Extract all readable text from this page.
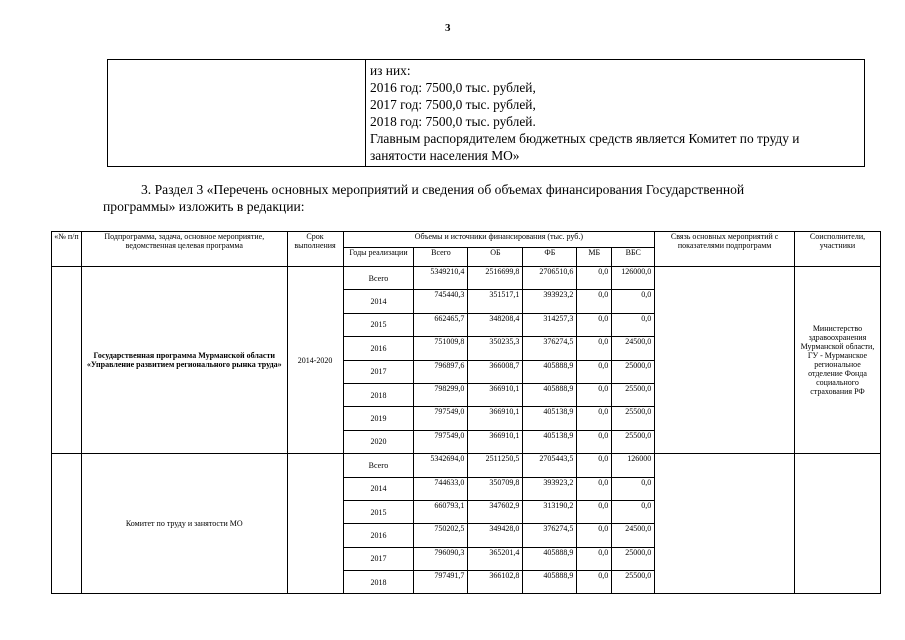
3

из них:
2016 год: 7500,0 тыс. рублей,
2017 год: 7500,0 тыс. рублей,
2018 год: 7500,0 тыс. рублей.
Главным распорядителем бюджетных средств является Комитет по труду и
занятости населения МО»
3. Раздел 3 «Перечень основных мероприятий и сведения об объемах финансирования Государственной
программы» изложить в редакции:
«№ п/п	Подпрограмма, задача, основное мероприятие, ведомственная целевая программа	Срок выполнения	Объемы и источники финансирования (тыс. руб.)						Связь основных мероприятий с показателями подпрограмм	Соисполнители, участники
			Годы реализации	Всего	ОБ	ФБ	МБ	ВБС		
	Государственная программа Мурманской области «Управление развитием регионального рынка труда»	2014-2020	Всего	5349210,4	2516699,8	2706510,6	0,0	126000,0		Министерство здравоохранения Мурманской области, ГУ - Мурманское региональное отделение Фонда социального страхования РФ
			2014	745440,3	351517,1	393923,2	0,0	0,0		
			2015	662465,7	348208,4	314257,3	0,0	0,0		
			2016	751009,8	350235,3	376274,5	0,0	24500,0		
			2017	796897,6	366008,7	405888,9	0,0	25000,0		
			2018	798299,0	366910,1	405888,9	0,0	25500,0		
			2019	797549,0	366910,1	405138,9	0,0	25500,0		
			2020	797549,0	366910,1	405138,9	0,0	25500,0		
	Комитет по труду и занятости МО		Всего	5342694,0	2511250,5	2705443,5	0,0	126000		
			2014	744633,0	350709,8	393923,2	0,0	0,0		
			2015	660793,1	347602,9	313190,2	0,0	0,0		
			2016	750202,5	349428,0	376274,5	0,0	24500,0		
			2017	796090,3	365201,4	405888,9	0,0	25000,0		
			2018	797491,7	366102,8	405888,9	0,0	25500,0		
